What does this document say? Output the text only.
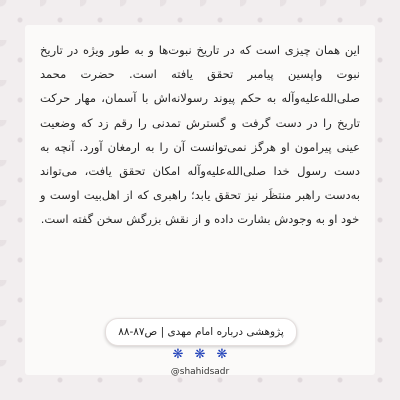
این همان چیزی است که در تاریخ نبوت‌ها و به طور ویژه در تاریخ نبوت واپسین پیامبر تحقق یافته است. حضرت محمد صلی‌الله‌علیه‌وآله به حکم پیوند رسولانه‌اش با آسمان، مهار حرکت تاریخ را در دست گرفت و گسترش تمدنی را رقم زد که وضعیت عینی پیرامون او هرگز نمی‌توانست آن را به ارمغان آورد. آنچه به دست رسول خدا صلی‌الله‌علیه‌وآله امکان تحقق یافت، می‌تواند به‌دست راهبر منتظَر نیز تحقق یابد؛ راهبری که از اهل‌بیت اوست و خود او به وجودش بشارت داده و از نقش بزرگش سخن گفته است.

پژوهشی درباره امام مهدی | ص۸۷-۸۸
❋ ❋ ❋
@shahidsadr
